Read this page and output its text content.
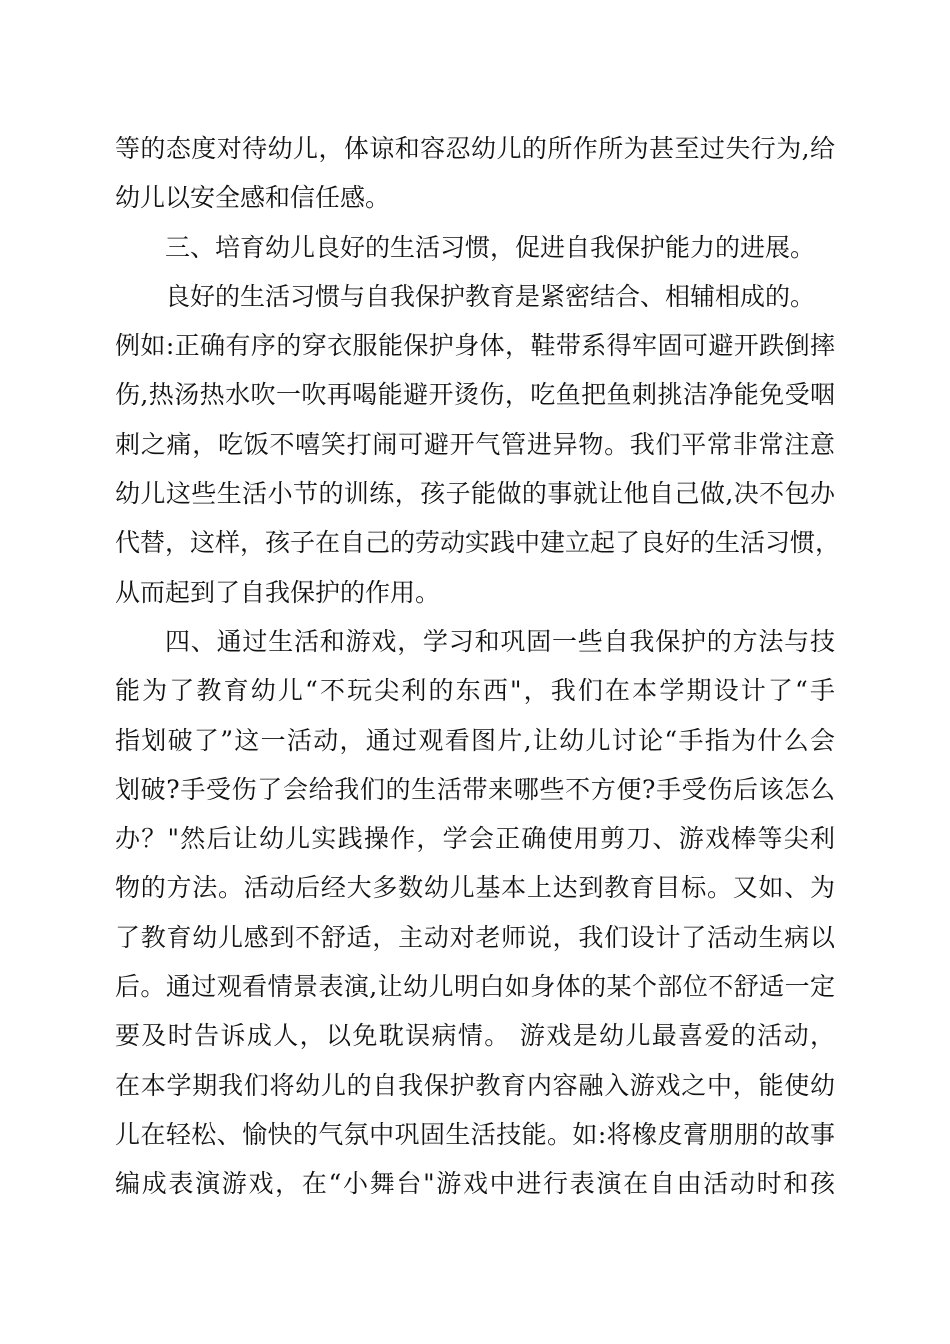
等的态度对待幼儿，体谅和容忍幼儿的所作所为甚至过失行为,给
幼儿以安全感和信任感。
三、培育幼儿良好的生活习惯，促进自我保护能力的进展。
良好的生活习惯与自我保护教育是紧密结合、相辅相成的。
例如:正确有序的穿衣服能保护身体，鞋带系得牢固可避开跌倒摔
伤,热汤热水吹一吹再喝能避开烫伤，吃鱼把鱼刺挑洁净能免受咽
刺之痛，吃饭不嘻笑打闹可避开气管进异物。我们平常非常注意
幼儿这些生活小节的训练，孩子能做的事就让他自己做,决不包办
代替，这样，孩子在自己的劳动实践中建立起了良好的生活习惯，
从而起到了自我保护的作用。
四、通过生活和游戏，学习和巩固一些自我保护的方法与技
能为了教育幼儿“不玩尖利的东西"，我们在本学期设计了“手
指划破了”这一活动，通过观看图片,让幼儿讨论“手指为什么会
划破?手受伤了会给我们的生活带来哪些不方便?手受伤后该怎么
办？"然后让幼儿实践操作，学会正确使用剪刀、游戏棒等尖利
物的方法。活动后经大多数幼儿基本上达到教育目标。又如、为
了教育幼儿感到不舒适，主动对老师说，我们设计了活动生病以
后。通过观看情景表演,让幼儿明白如身体的某个部位不舒适一定
要及时告诉成人，以免耽误病情。 游戏是幼儿最喜爱的活动，
在本学期我们将幼儿的自我保护教育内容融入游戏之中，能使幼
儿在轻松、愉快的气氛中巩固生活技能。如:将橡皮膏朋朋的故事
编成表演游戏，在“小舞台"游戏中进行表演在自由活动时和孩
